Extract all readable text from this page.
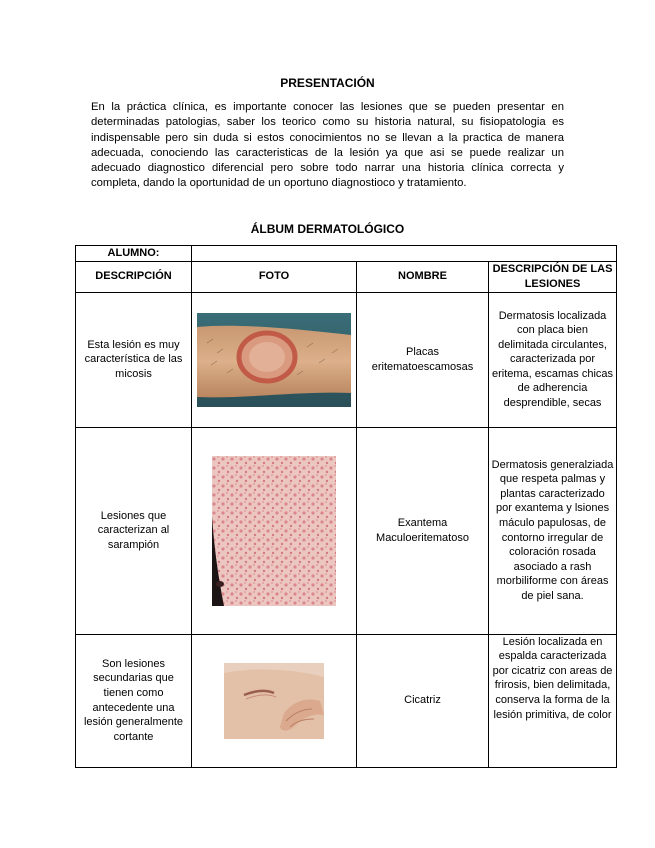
PRESENTACIÓN
En la práctica clínica, es importante conocer las lesiones que se pueden presentar en determinadas patologias, saber los teorico como su historia natural, su fisiopatologia es indispensable pero sin duda si estos conocimientos no se llevan a la practica de manera adecuada, conociendo las caracteristicas de la lesión ya que asi se puede realizar un adecuado diagnostico diferencial pero sobre todo narrar una historia clínica correcta y completa, dando la oportunidad de un oportuno diagnostioco y tratamiento.
ÁLBUM DERMATOLÓGICO
ALUMNO:			
DESCRIPCIÓN	FOTO	NOMBRE	DESCRIPCIÓN DE LAS LESIONES
Esta lesión es muy característica de las micosis		Placas eritematoescamosas	Dermatosis localizada con placa bien delimitada circulantes, caracterizada por eritema, escamas chicas de adherencia desprendible, secas
Lesiones que caracterizan al sarampión		Exantema Maculoeritematoso	Dermatosis generalziada que respeta palmas y plantas caracterizado por exantema y lsiones máculo papulosas, de contorno irregular de coloración rosada asociado a rash morbiliforme con áreas de piel sana.
Son lesiones secundarias que tienen como antecedente una lesión generalmente cortante		Cicatriz	Lesión localizada en espalda caracterizada por cicatriz con areas de frirosis, bien delimitada, conserva la forma de la lesión primitiva, de color
